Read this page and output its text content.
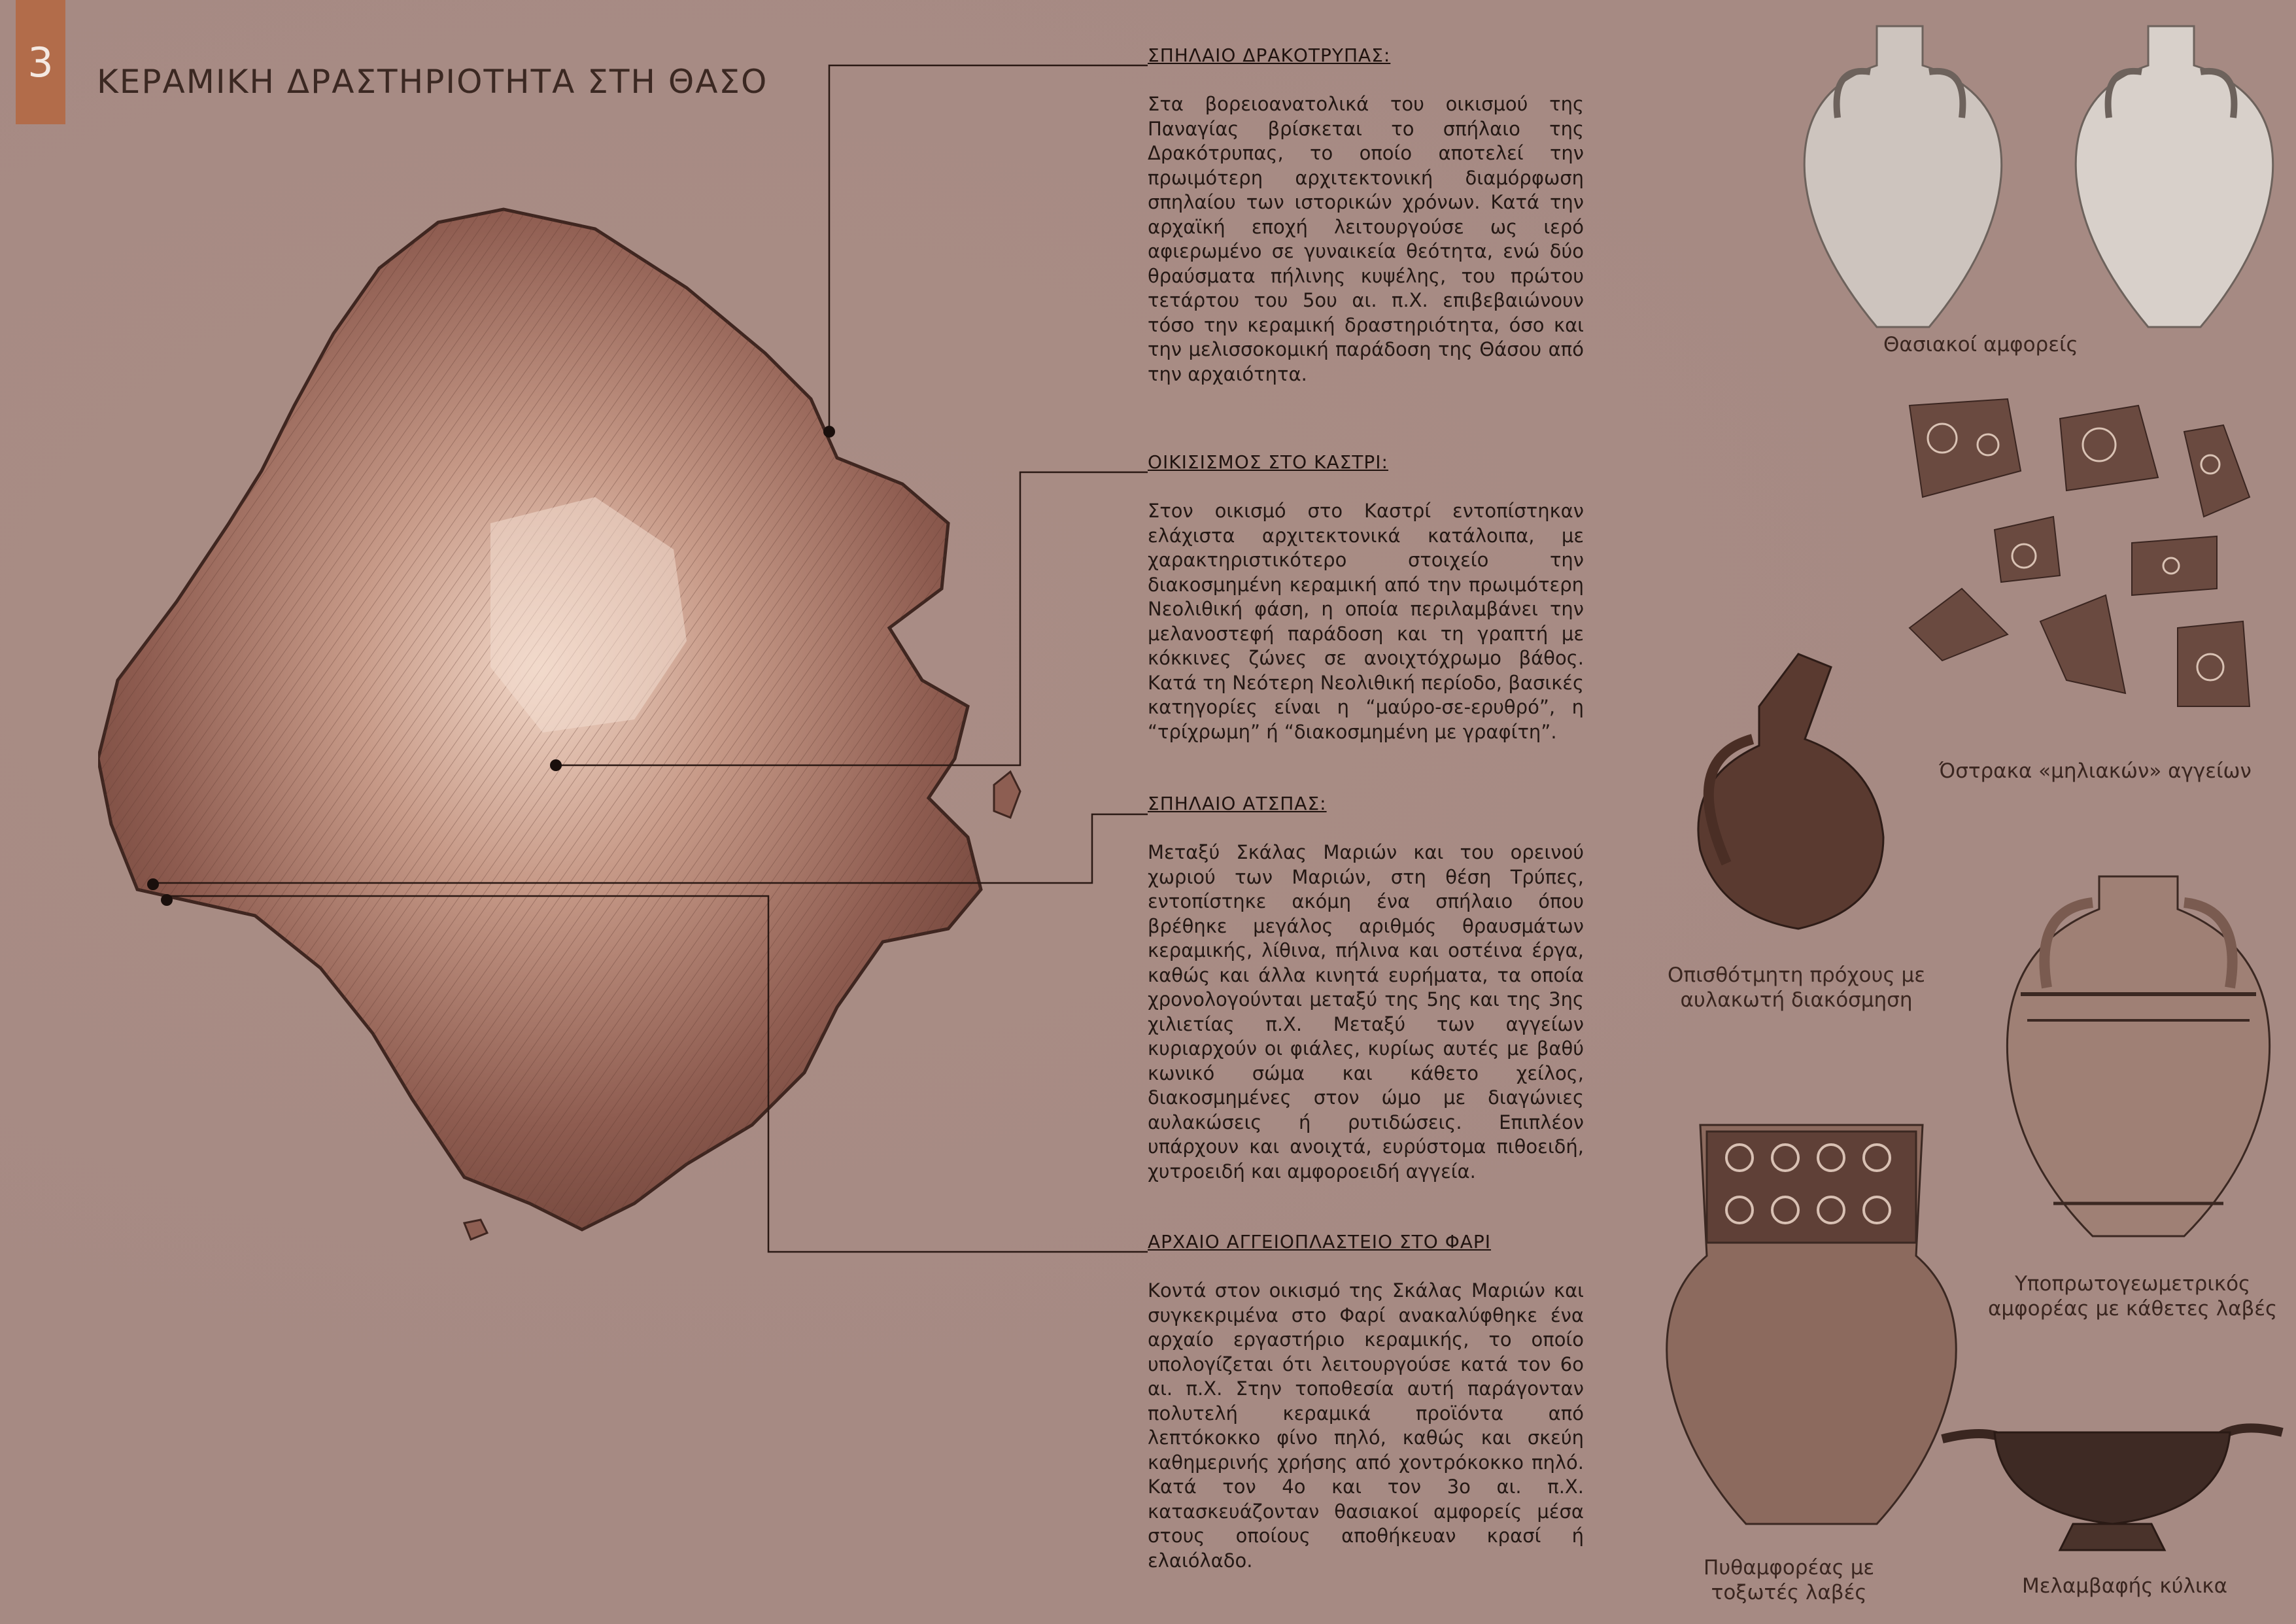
3	ΚΕΡΑΜΙΚΗ ΔΡΑΣΤΗΡΙΟΤΗΤΑ ΣΤΗ ΘΑΣΟ
ΣΠΗΛΑΙΟ ΔΡΑΚΟΤΡΥΠΑΣ:
Στα βορειοανατολικά του οικισμού της Παναγίας βρίσκεται το σπήλαιο της Δρακότρυπας, το οποίο αποτελεί την πρωιμότερη αρχιτεκτονική διαμόρφωση σπηλαίου των ιστορικών χρόνων. Κατά την αρχαϊκή εποχή λειτουργούσε ως ιερό αφιερωμένο σε γυναικεία θεότητα, ενώ δύο θραύσματα πήλινης κυψέλης, του πρώτου τετάρτου του 5ου αι. π.Χ. επιβεβαιώνουν τόσο την κεραμική δραστηριότητα, όσο και την μελισσοκομική παράδοση της Θάσου από την αρχαιότητα.
ΟΙΚΙΣΙΣΜΟΣ ΣΤΟ ΚΑΣΤΡΙ:
Στον οικισμό στο Καστρί εντοπίστηκαν ελάχιστα αρχιτεκτονικά κατάλοιπα, με χαρακτηριστικότερο στοιχείο την διακοσμημένη κεραμική από την πρωιμότερη Νεολιθική φάση, η οποία περιλαμβάνει την μελανοστεφή παράδοση και τη γραπτή με κόκκινες ζώνες σε ανοιχτόχρωμο βάθος. Κατά τη Νεότερη Νεολιθική περίοδο, βασικές κατηγορίες είναι η “μαύρο-σε-ερυθρό”, η “τρίχρωμη” ή “διακοσμημένη με γραφίτη”.
ΣΠΗΛΑΙΟ ΑΤΣΠΑΣ:
Μεταξύ Σκάλας Μαριών και του ορεινού χωριού των Μαριών, στη θέση Τρύπες, εντοπίστηκε ακόμη ένα σπήλαιο όπου βρέθηκε μεγάλος αριθμός θραυσμάτων κεραμικής, λίθινα, πήλινα και οστέινα έργα, καθώς και άλλα κινητά ευρήματα, τα οποία χρονολογούνται μεταξύ της 5ης και της 3ης χιλιετίας π.Χ. Μεταξύ των αγγείων κυριαρχούν οι φιάλες, κυρίως αυτές με βαθύ κωνικό σώμα και κάθετο χείλος, διακοσμημένες στον ώμο με διαγώνιες αυλακώσεις ή ρυτιδώσεις. Επιπλέον υπάρχουν και ανοιχτά, ευρύστομα πιθοειδή, χυτροειδή και αμφοροειδή αγγεία.
ΑΡΧΑΙΟ ΑΓΓΕΙΟΠΛΑΣΤΕΙΟ ΣΤΟ ΦΑΡΙ
Κοντά στον οικισμό της Σκάλας Μαριών και συγκεκριμένα στο Φαρί ανακαλύφθηκε ένα αρχαίο εργαστήριο κεραμικής, το οποίο υπολογίζεται ότι λειτουργούσε κατά τον 6ο αι. π.Χ. Στην τοποθεσία αυτή παράγονταν πολυτελή κεραμικά προϊόντα από λεπτόκοκκο φίνο πηλό, καθώς και σκεύη καθημερινής χρήσης από χοντρόκοκκο πηλό. Κατά τον 4ο και τον 3ο αι. π.Χ. κατασκευάζονταν θασιακοί αμφορείς μέσα στους οποίους αποθήκευαν κρασί ή ελαιόλαδο.
Θασιακοί αμφορείς
Όστρακα «μηλιακών» αγγείων
Οπισθότμητη πρόχους με
αυλακωτή διακόσμηση
Υποπρωτογεωμετρικός
αμφορέας με κάθετες λαβές
Πυθαμφορέας με
τοξωτές λαβές	Μελαμβαφής κύλικα
